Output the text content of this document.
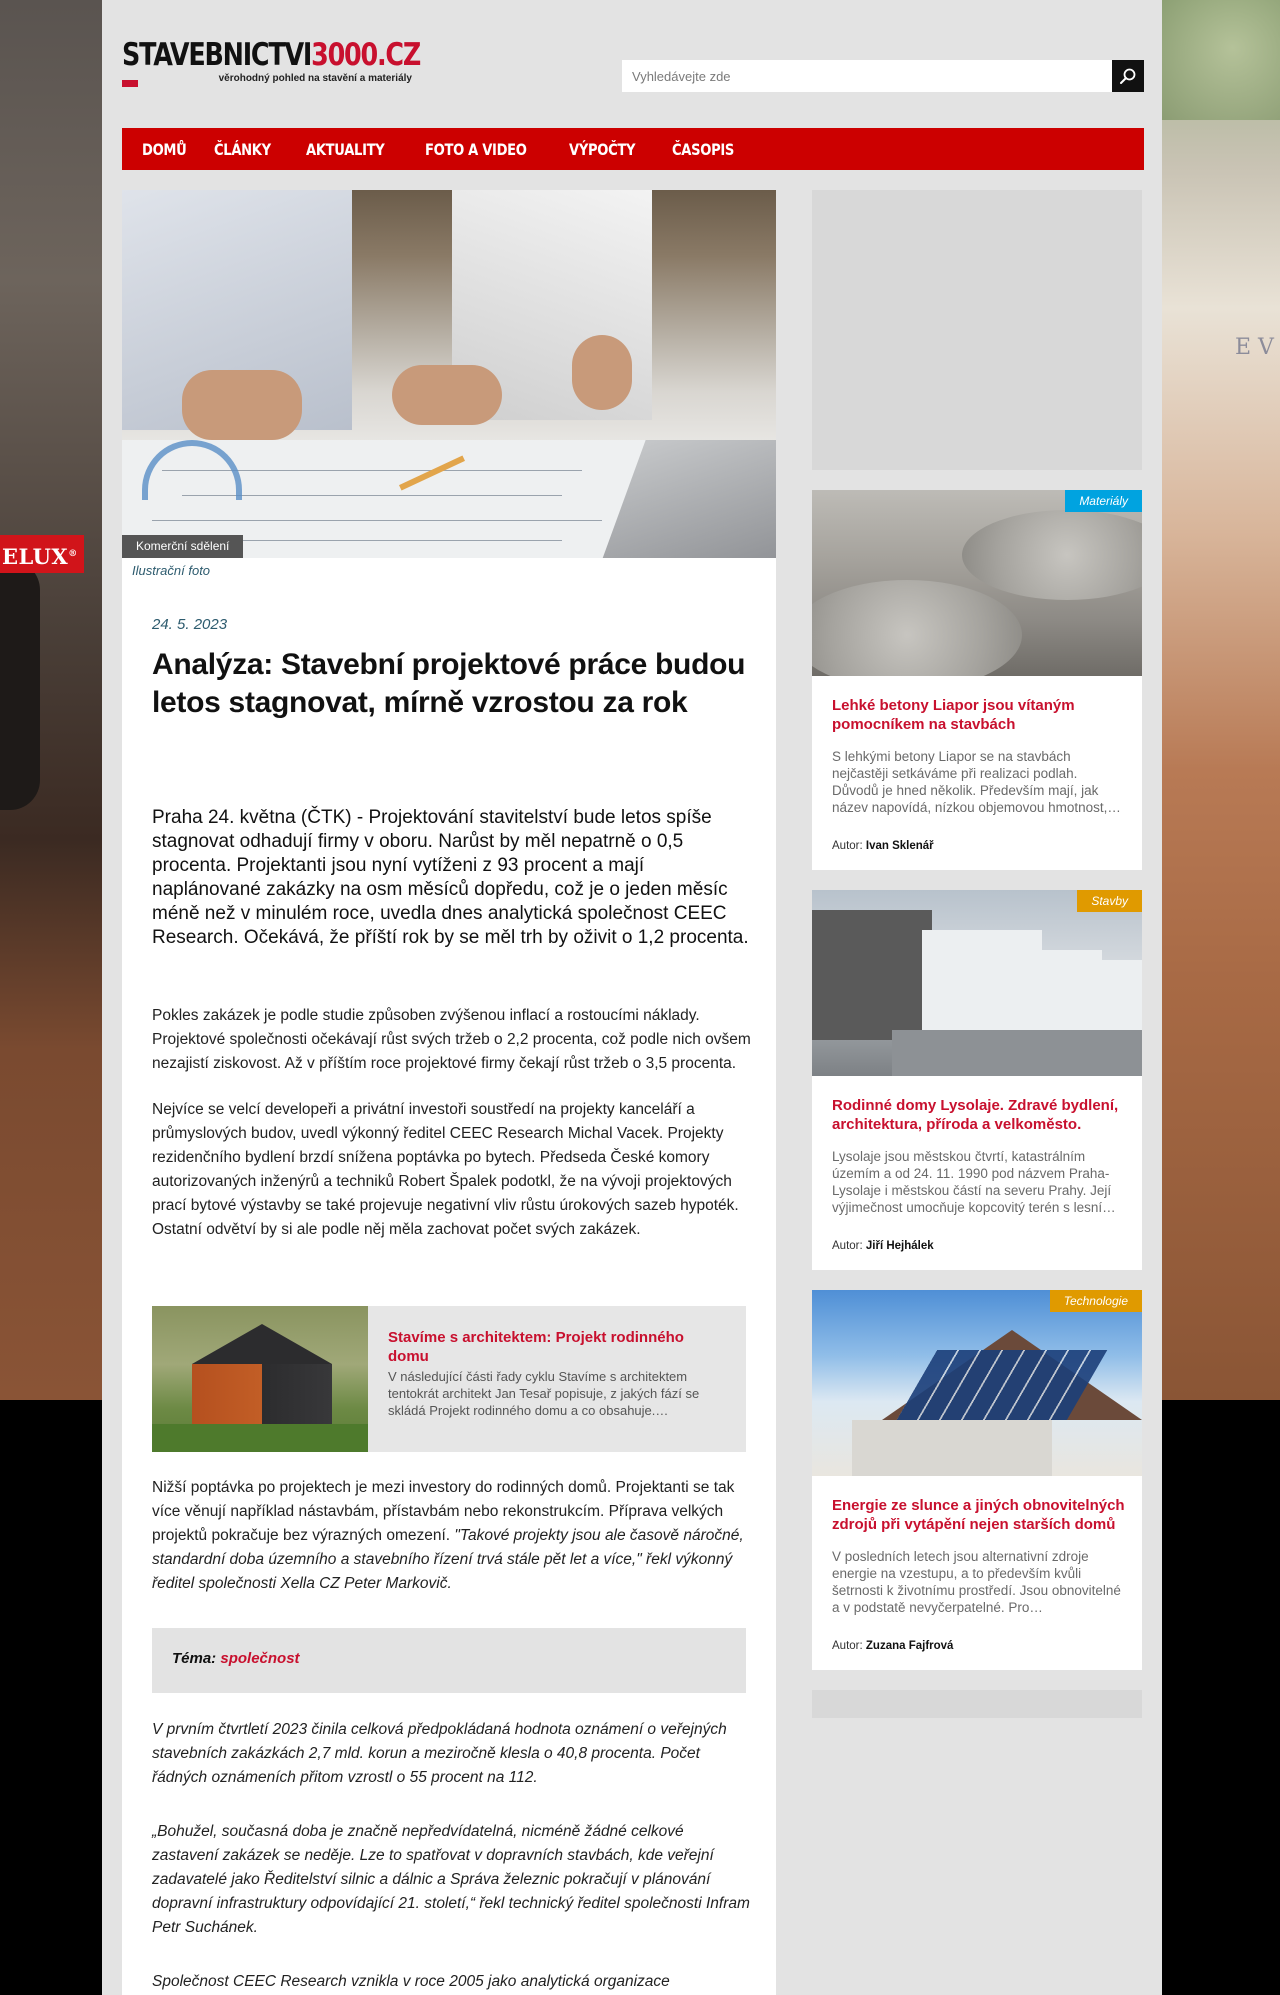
E V
ELUX®
STAVEBNICTVI3000.CZ
věrohodný pohled na stavění a materiály
Vyhledávejte zde
DOMŮ ČLÁNKY AKTUALITY	FOTO A VIDEO	VÝPOČTY ČASOPIS
Komerční sdělení
Ilustrační foto
24. 5. 2023
Analýza: Stavební projektové práce budou letos stagnovat, mírně vzrostou za rok

Praha 24. května (ČTK) - Projektování stavitelství bude letos spíše stagnovat odhadují firmy v oboru. Narůst by měl nepatrně o 0,5 procenta. Projektanti jsou nyní vytíženi z 93 procent a mají naplánované zakázky na osm měsíců dopředu, což je o jeden měsíc méně než v minulém roce, uvedla dnes analytická společnost CEEC Research. Očekává, že příští rok by se měl trh by oživit o 1,2 procenta.

Pokles zakázek je podle studie způsoben zvýšenou inflací a rostoucími náklady. Projektové společnosti očekávají růst svých tržeb o 2,2 procenta, což podle nich ovšem nezajistí ziskovost. Až v příštím roce projektové firmy čekají růst tržeb o 3,5 procenta.

Nejvíce se velcí developeři a privátní investoři soustředí na projekty kanceláří a průmyslových budov, uvedl výkonný ředitel CEEC Research Michal Vacek. Projekty rezidenčního bydlení brzdí snížena poptávka po bytech. Předseda České komory autorizovaných inženýrů a techniků Robert Špalek podotkl, že na vývoji projektových prací bytové výstavby se také projevuje negativní vliv růstu úrokových sazeb hypoték. Ostatní odvětví by si ale podle něj měla zachovat počet svých zakázek.

Stavíme s architektem: Projekt rodinného domu
V následující části řady cyklu Stavíme s architektem tentokrát architekt Jan Tesař popisuje, z jakých fází se skládá Projekt rodinného domu a co obsahuje.…

Nižší poptávka po projektech je mezi investory do rodinných domů. Projektanti se tak více věnují například nástavbám, přístavbám nebo rekonstrukcím. Příprava velkých projektů pokračuje bez výrazných omezení. "Takové projekty jsou ale časově náročné, standardní doba územního a stavebního řízení trvá stále pět let a více," řekl výkonný ředitel společnosti Xella CZ Peter Markovič.

Téma: společnost

V prvním čtvrtletí 2023 činila celková předpokládaná hodnota oznámení o veřejných stavebních zakázkách 2,7 mld. korun a meziročně klesla o 40,8 procenta. Počet řádných oznámeních přitom vzrostl o 55 procent na 112.

„Bohužel, současná doba je značně nepředvídatelná, nicméně žádné celkové zastavení zakázek se neděje. Lze to spatřovat v dopravních stavbách, kde veřejní zadavatelé jako Ředitelství silnic a dálnic a Správa železnic pokračují v plánování dopravní infrastruktury odpovídající 21. století,“ řekl technický ředitel společnosti Infram Petr Suchánek.

Společnost CEEC Research vznikla v roce 2005 jako analytická organizace

Materiály
Lehké betony Liapor jsou vítaným pomocníkem na stavbách
S lehkými betony Liapor se na stavbách nejčastěji setkáváme při realizaci podlah. Důvodů je hned několik. Především mají, jak název napovídá, nízkou objemovou hmotnost,…
Autor: Ivan Sklenář
Stavby
Rodinné domy Lysolaje. Zdravé bydlení, architektura, příroda a velkoměsto.
Lysolaje jsou městskou čtvrtí, katastrálním územím a od 24. 11. 1990 pod názvem Praha-Lysolaje i městskou částí na severu Prahy. Její výjimečnost umocňuje kopcovitý terén s lesní…
Autor: Jiří Hejhálek
Technologie
Energie ze slunce a jiných obnovitelných zdrojů při vytápění nejen starších domů
V posledních letech jsou alternativní zdroje energie na vzestupu, a to především kvůli šetrnosti k životnímu prostředí. Jsou obnovitelné a v podstatě nevyčerpatelné. Pro…
Autor: Zuzana Fajfrová
